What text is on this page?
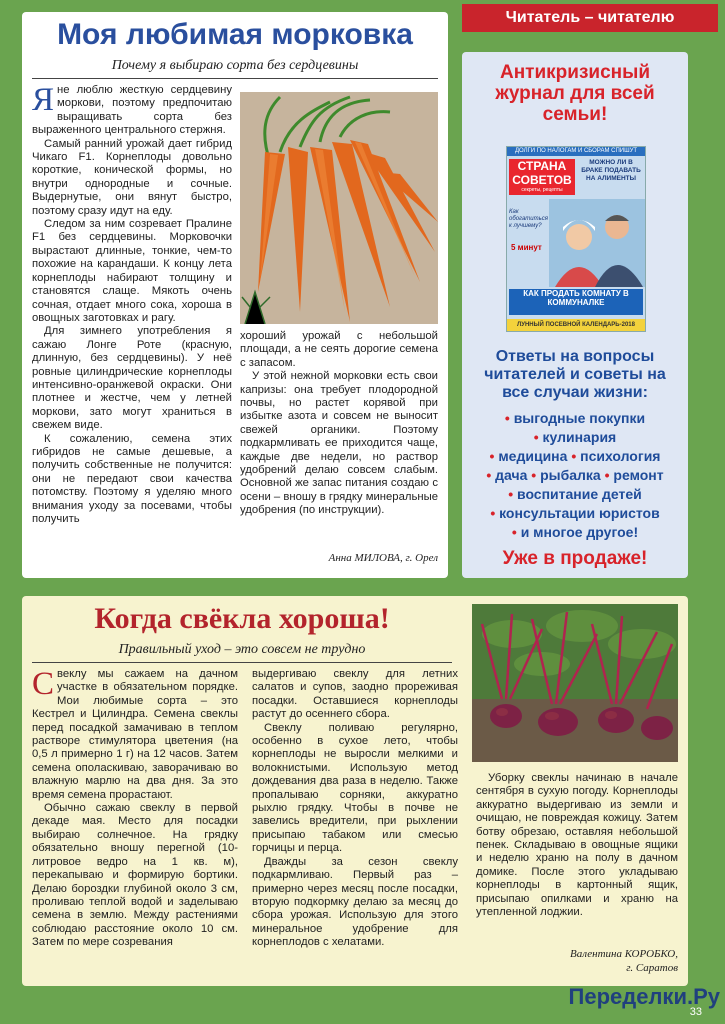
Читатель – читателю
Моя любимая морковка
Почему я выбираю сорта без сердцевины

Яне люблю жесткую сердцевину моркови, поэтому предпочитаю выращивать сорта без выраженного центрального стержня.

Самый ранний урожай дает гибрид Чикаго F1. Корнеплоды довольно короткие, конической формы, но внутри однородные и сочные. Выдернутые, они вянут быстро, поэтому сразу идут на еду.

Следом за ним созревает Пралине F1 без сердцевины. Морковочки вырастают длинные, тонкие, чем-то похожие на карандаши. К концу лета корнеплоды набирают толщину и становятся слаще. Мякоть очень сочная, отдает много сока, хороша в овощных заготовках и рагу.

Для зимнего употребления я сажаю Лонге Роте (красную, длинную, без сердцевины). У неё ровные цилиндрические корнеплоды интенсивно-оранжевой окраски. Они плотнее и жестче, чем у летней моркови, зато могут храниться в свежем виде.

К сожалению, семена этих гибридов не самые дешевые, а получить собственные не получится: они не передают свои качества потомству. Поэтому я уделяю много внимания уходу за посевами, чтобы получить

хороший урожай с небольшой площади, а не сеять дорогие семена с запасом.

У этой нежной морковки есть свои капризы: она требует плодородной почвы, но растет корявой при избытке азота и совсем не выносит свежей органики. Поэтому подкармливать ее приходится чаще, каждые две недели, но раствор удобрений делаю совсем слабым. Основной же запас питания создаю с осени – вношу в грядку минеральные удобрения (по инструкции).

Анна МИЛОВА, г. Орел
Антикризисный журнал для всей семьи!
ДОЛГИ ПО НАЛОГАМ И СБОРАМ СПИШУТ
СТРАНА
СОВЕТОВ
секреты, рецепты
МОЖНО ЛИ В БРАКЕ ПОДАВАТЬ НА АЛИМЕНТЫ
Как обогатиться к лучшему?
5 минут
КАК ПРОДАТЬ КОМНАТУ В КОММУНАЛКЕ
ЛУННЫЙ ПОСЕВНОЙ КАЛЕНДАРЬ-2018
Ответы на вопросы читателей и советы на все случаи жизни:
• выгодные покупки
• кулинария
• медицина • психология
• дача • рыбалка • ремонт
• воспитание детей
• консультации юристов
• и многое другое!
Уже в продаже!
Когда свёкла хороша!
Правильный уход – это совсем не трудно

Свеклу мы сажаем на дачном участке в обязательном порядке. Мои любимые сорта – это Кестрел и Цилиндра. Семена свеклы перед посадкой замачиваю в теплом растворе стимулятора цветения (на 0,5 л примерно 1 г) на 12 часов. Затем семена ополаскиваю, заворачиваю во влажную марлю на два дня. За это время семена прорастают.

Обычно сажаю свеклу в первой декаде мая. Место для посадки выбираю солнечное. На грядку обязательно вношу перегной (10-литровое ведро на 1 кв. м), перекапываю и формирую бортики. Делаю бороздки глубиной около 3 см, проливаю теплой водой и заделываю семена в землю. Между растениями соблюдаю расстояние около 10 см. Затем по мере созревания

выдергиваю свеклу для летних салатов и супов, заодно прореживая посадки. Оставшиеся корнеплоды растут до осеннего сбора.

Свеклу поливаю регулярно, особенно в сухое лето, чтобы корнеплоды не выросли мелкими и волокнистыми. Использую метод дождевания два раза в неделю. Также пропалываю сорняки, аккуратно рыхлю грядку. Чтобы в почве не завелись вредители, при рыхлении присыпаю табаком или смесью горчицы и перца.

Дважды за сезон свеклу подкармливаю. Первый раз – примерно через месяц после посадки, вторую подкормку делаю за месяц до сбора урожая. Использую для этого минеральное удобрение для корнеплодов с хелатами.

Уборку свеклы начинаю в начале сентября в сухую погоду. Корнеплоды аккуратно выдергиваю из земли и очищаю, не повреждая кожицу. Затем ботву обрезаю, оставляя небольшой пенек. Складываю в овощные ящики и неделю храню на полу в дачном домике. После этого укладываю корнеплоды в картонный ящик, присыпаю опилками и храню на утепленной лоджии.

Валентина КОРОБКО,
г. Саратов
Переделки.Ру
33
